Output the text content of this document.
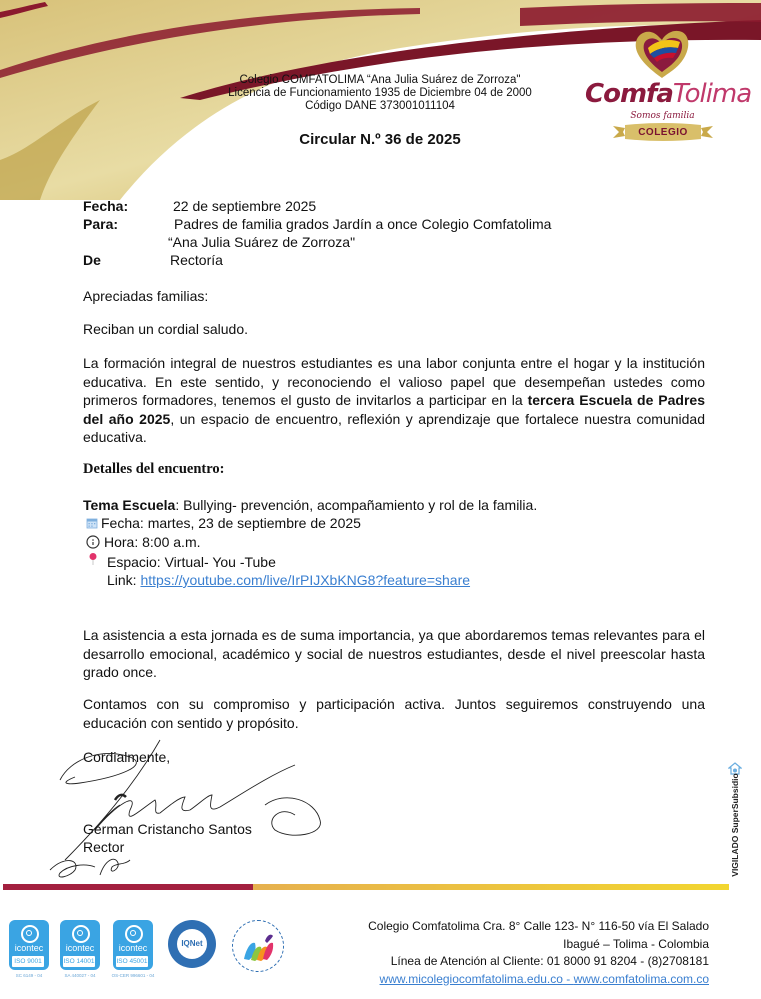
Colegio COMFATOLIMA “Ana Julia Suárez de Zorroza"
Licencia de Funcionamiento 1935 de Diciembre 04 de 2000
Código DANE 373001011104
Circular N.º 36 de 2025
ComfaTolima
Somos familia
COLEGIO
Fecha:	22 de septiembre 2025
Para:	Padres de familia grados Jardín a once Colegio Comfatolima
“Ana Julia Suárez de Zorroza"
De	Rectoría
Apreciadas familias:
Reciban un cordial saludo.
La formación integral de nuestros estudiantes es una labor conjunta entre el hogar y la institución educativa. En este sentido, y reconociendo el valioso papel que desempeñan ustedes como primeros formadores, tenemos el gusto de invitarlos a participar en la tercera Escuela de Padres del año 2025, un espacio de encuentro, reflexión y aprendizaje que fortalece nuestra comunidad educativa.
Detalles del encuentro:
Tema Escuela: Bullying- prevención, acompañamiento y rol de la familia.
Fecha: martes, 23 de septiembre de 2025
Hora: 8:00 a.m.
Espacio: Virtual- You -Tube
Link: https://youtube.com/live/IrPIJXbKNG8?feature=share
La asistencia a esta jornada es de suma importancia, ya que abordaremos temas relevantes para el desarrollo emocional, académico y social de nuestros estudiantes, desde el nivel preescolar hasta grado once.
Contamos con su compromiso y participación activa. Juntos seguiremos construyendo una educación con sentido y propósito.
Cordialmente,
German Cristancho Santos
Rector	VIGILADO SuperSubsidio
icontec
ISO 9001
SC 6149 - 04
icontec
ISO 14001
SA 440027 - 04
icontec
ISO 45001
OS-CER 996601 - 04
IQNet
Colegio Comfatolima Cra. 8° Calle 123- N° 116-50 vía El Salado
Ibagué – Tolima - Colombia
Línea de Atención al Cliente: 01 8000 91 8204 - (8)2708181
www.micolegiocomfatolima.edu.co - www.comfatolima.com.co
